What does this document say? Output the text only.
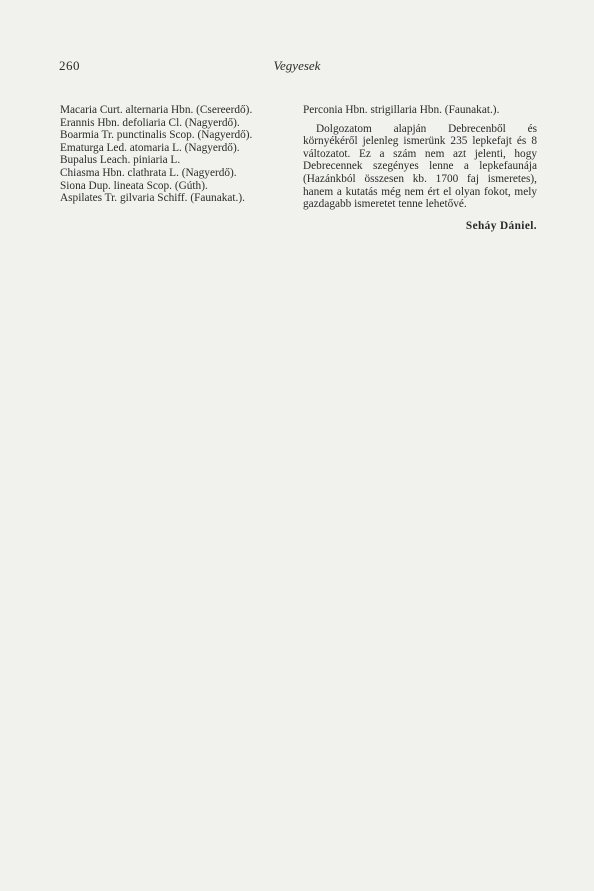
260	Vegyesek

Macaria Curt. alternaria Hbn. (Csereerdő).

Erannis Hbn. defoliaria Cl. (Nagyerdő).

Boarmia Tr. punctinalis Scop. (Nagyerdő).

Ematurga Led. atomaria L. (Nagyerdő).

Bupalus Leach. piniaria L.

Chiasma Hbn. clathrata L. (Nagyerdő).

Siona Dup. lineata Scop. (Gúth).

Aspilates Tr. gilvaria Schiff. (Faunakat.).

Perconia Hbn. strigillaria Hbn. (Faunakat.).

Dolgozatom alapján Debrecenből és környékéről jelenleg ismerünk 235 lepkefajt és 8 változatot. Ez a szám nem azt jelenti, hogy Debrecennek szegényes lenne a lepkefaunája (Hazánkból összesen kb. 1700 faj ismeretes), hanem a kutatás még nem ért el olyan fokot, mely gazdagabb ismeretet tenne lehetővé.

Seháy Dániel.
